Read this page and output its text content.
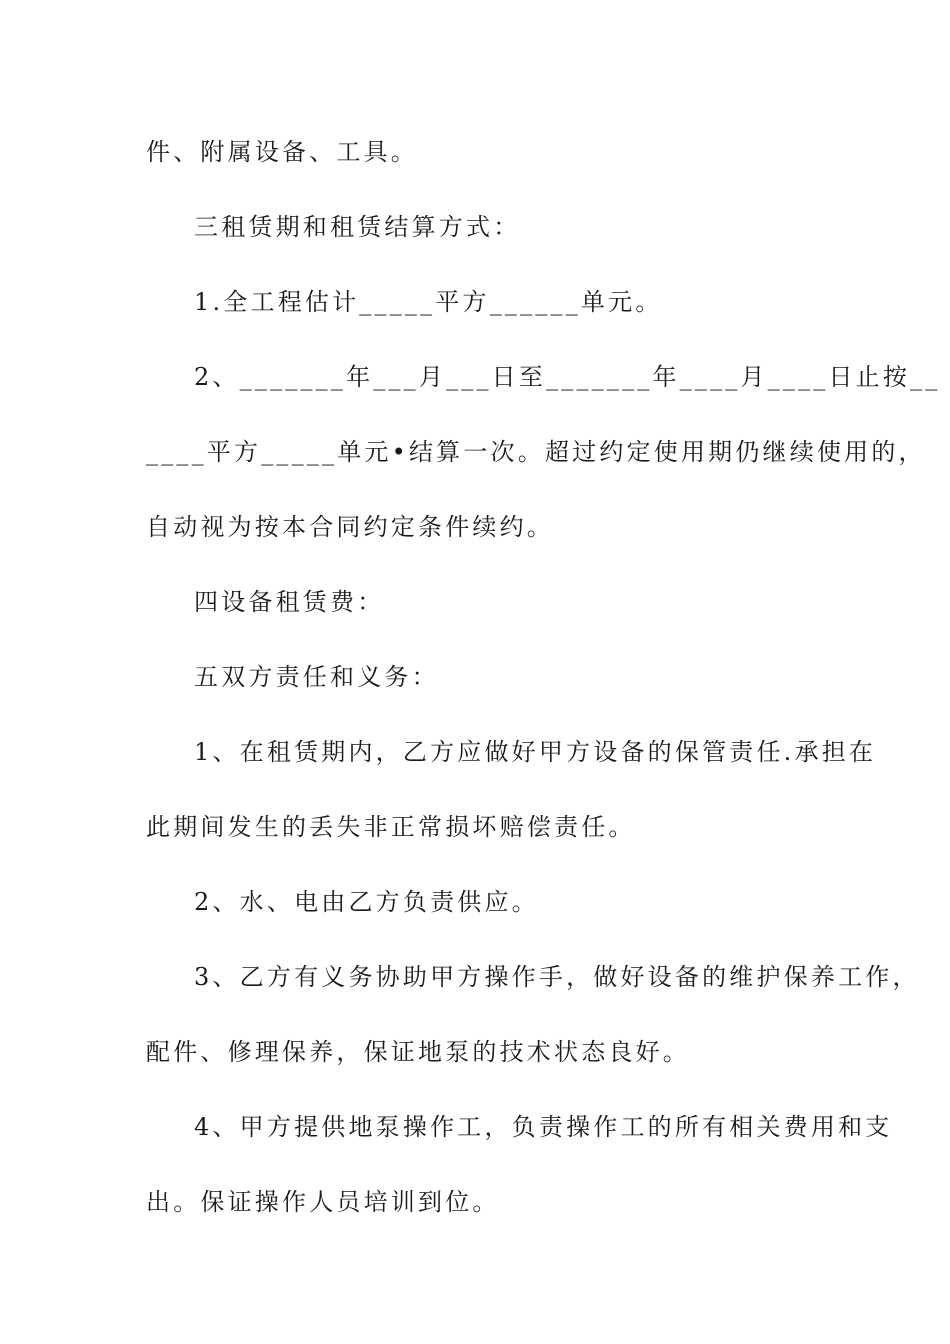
件、附属设备、工具。
三租赁期和租赁结算方式：
1.全工程估计_____平方______单元。
2、_______年___月___日至_______年____月____日止按__
____平方_____单元•结算一次。超过约定使用期仍继续使用的，
自动视为按本合同约定条件续约。
四设备租赁费：
五双方责任和义务：
1、在租赁期内，乙方应做好甲方设备的保管责任.承担在
此期间发生的丢失非正常损坏赔偿责任。
2、水、电由乙方负责供应。
3、乙方有义务协助甲方操作手，做好设备的维护保养工作，
配件、修理保养，保证地泵的技术状态良好。
4、甲方提供地泵操作工，负责操作工的所有相关费用和支
出。保证操作人员培训到位。
